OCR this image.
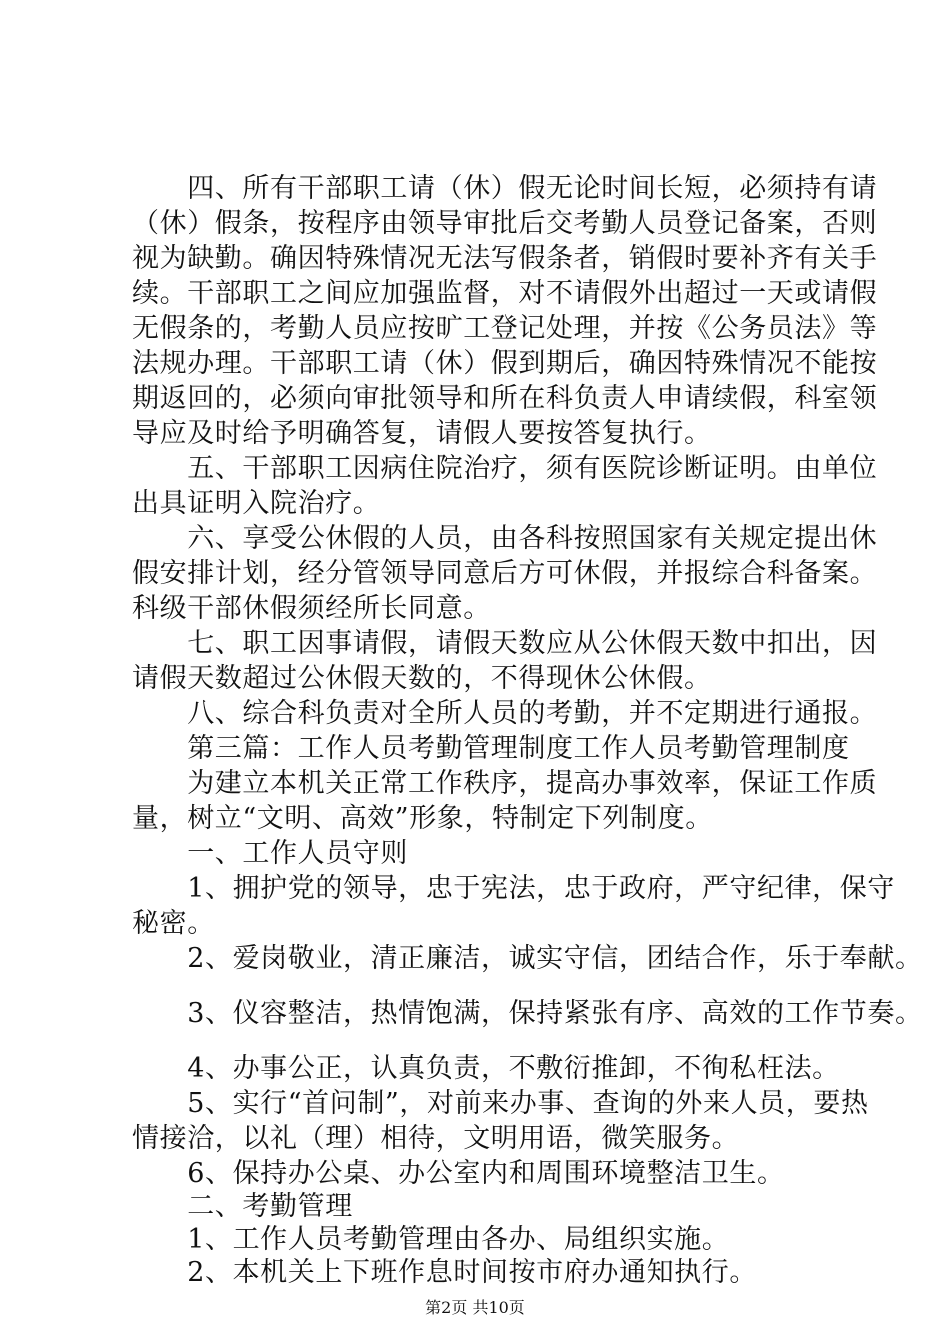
　　四、所有干部职工请（休）假无论时间长短，必须持有请
（休）假条，按程序由领导审批后交考勤人员登记备案，否则
视为缺勤。确因特殊情况无法写假条者，销假时要补齐有关手
续。干部职工之间应加强监督，对不请假外出超过一天或请假
无假条的，考勤人员应按旷工登记处理，并按《公务员法》等
法规办理。干部职工请（休）假到期后，确因特殊情况不能按
期返回的，必须向审批领导和所在科负责人申请续假，科室领
导应及时给予明确答复，请假人要按答复执行。
　　五、干部职工因病住院治疗，须有医院诊断证明。由单位
出具证明入院治疗。
　　六、享受公休假的人员，由各科按照国家有关规定提出休
假安排计划，经分管领导同意后方可休假，并报综合科备案。
科级干部休假须经所长同意。
　　七、职工因事请假，请假天数应从公休假天数中扣出，因
请假天数超过公休假天数的，不得现休公休假。
　　八、综合科负责对全所人员的考勤，并不定期进行通报。
　　第三篇：工作人员考勤管理制度工作人员考勤管理制度
　　为建立本机关正常工作秩序，提高办事效率，保证工作质
量，树立“文明、高效”形象，特制定下列制度。
　　一、工作人员守则
　　1、拥护党的领导，忠于宪法，忠于政府，严守纪律，保守
秘密。
　　2、爱岗敬业，清正廉洁，诚实守信，团结合作，乐于奉献。
　　3、仪容整洁，热情饱满，保持紧张有序、高效的工作节奏。
　　4、办事公正，认真负责，不敷衍推卸，不徇私枉法。
　　5、实行“首问制”，对前来办事、查询的外来人员，要热
情接洽，以礼（理）相待，文明用语，微笑服务。
　　6、保持办公桌、办公室内和周围环境整洁卫生。
　　二、考勤管理
　　1、工作人员考勤管理由各办、局组织实施。
　　2、本机关上下班作息时间按市府办通知执行。
第2页 共10页
